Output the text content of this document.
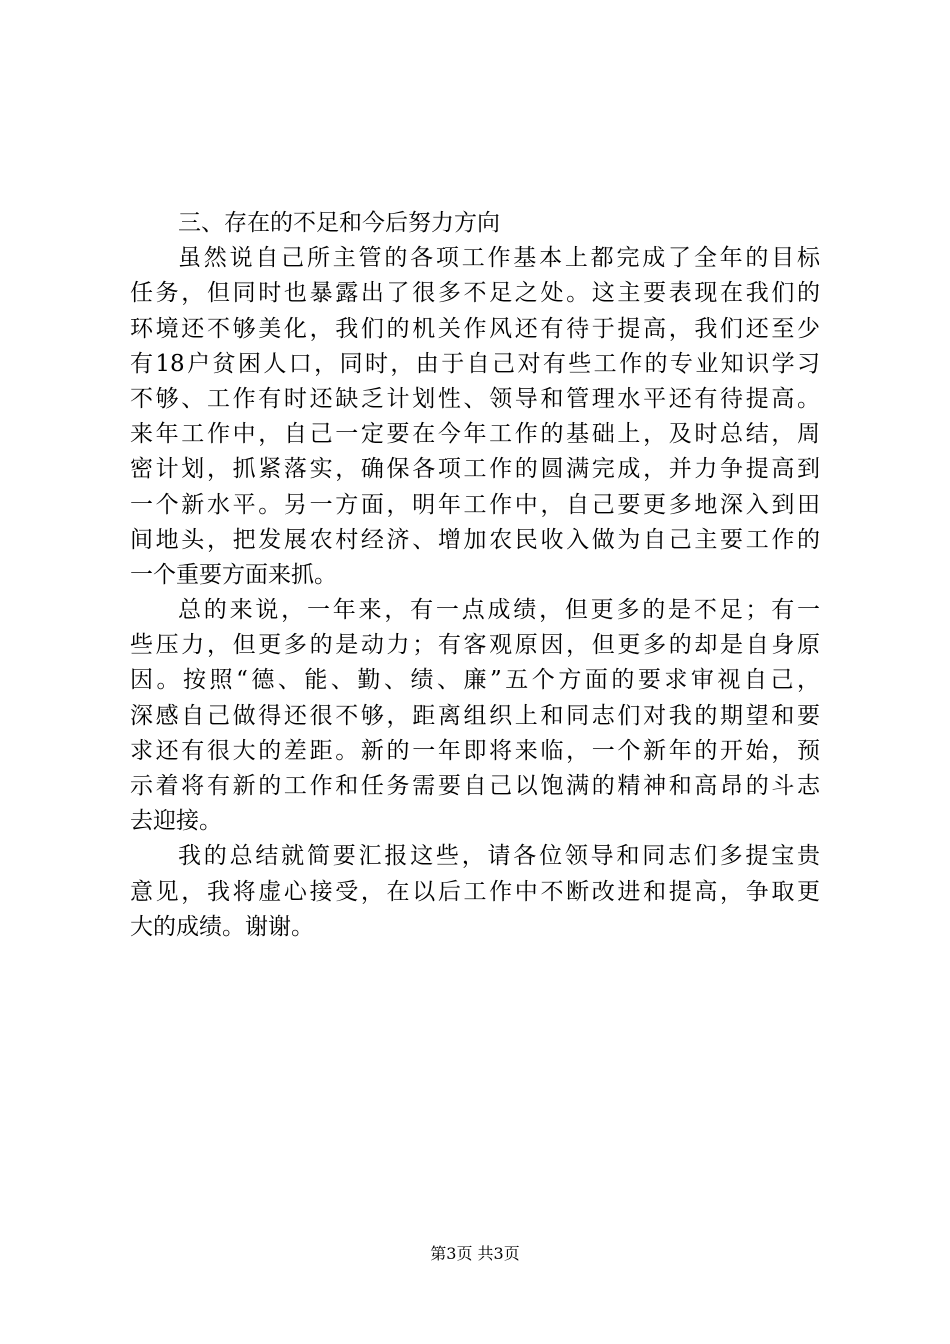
三、存在的不足和今后努力方向
虽然说自己所主管的各项工作基本上都完成了全年的目标
任务，但同时也暴露出了很多不足之处。这主要表现在我们的
环境还不够美化，我们的机关作风还有待于提高，我们还至少
有18户贫困人口，同时，由于自己对有些工作的专业知识学习
不够、工作有时还缺乏计划性、领导和管理水平还有待提高。
来年工作中，自己一定要在今年工作的基础上，及时总结，周
密计划，抓紧落实，确保各项工作的圆满完成，并力争提高到
一个新水平。另一方面，明年工作中，自己要更多地深入到田
间地头，把发展农村经济、增加农民收入做为自己主要工作的
一个重要方面来抓。
总的来说，一年来，有一点成绩，但更多的是不足；有一
些压力，但更多的是动力；有客观原因，但更多的却是自身原
因。按照“德、能、勤、绩、廉”五个方面的要求审视自己，
深感自己做得还很不够，距离组织上和同志们对我的期望和要
求还有很大的差距。新的一年即将来临，一个新年的开始，预
示着将有新的工作和任务需要自己以饱满的精神和高昂的斗志
去迎接。
我的总结就简要汇报这些，请各位领导和同志们多提宝贵
意见，我将虚心接受，在以后工作中不断改进和提高，争取更
大的成绩。谢谢。
第3页 共3页
